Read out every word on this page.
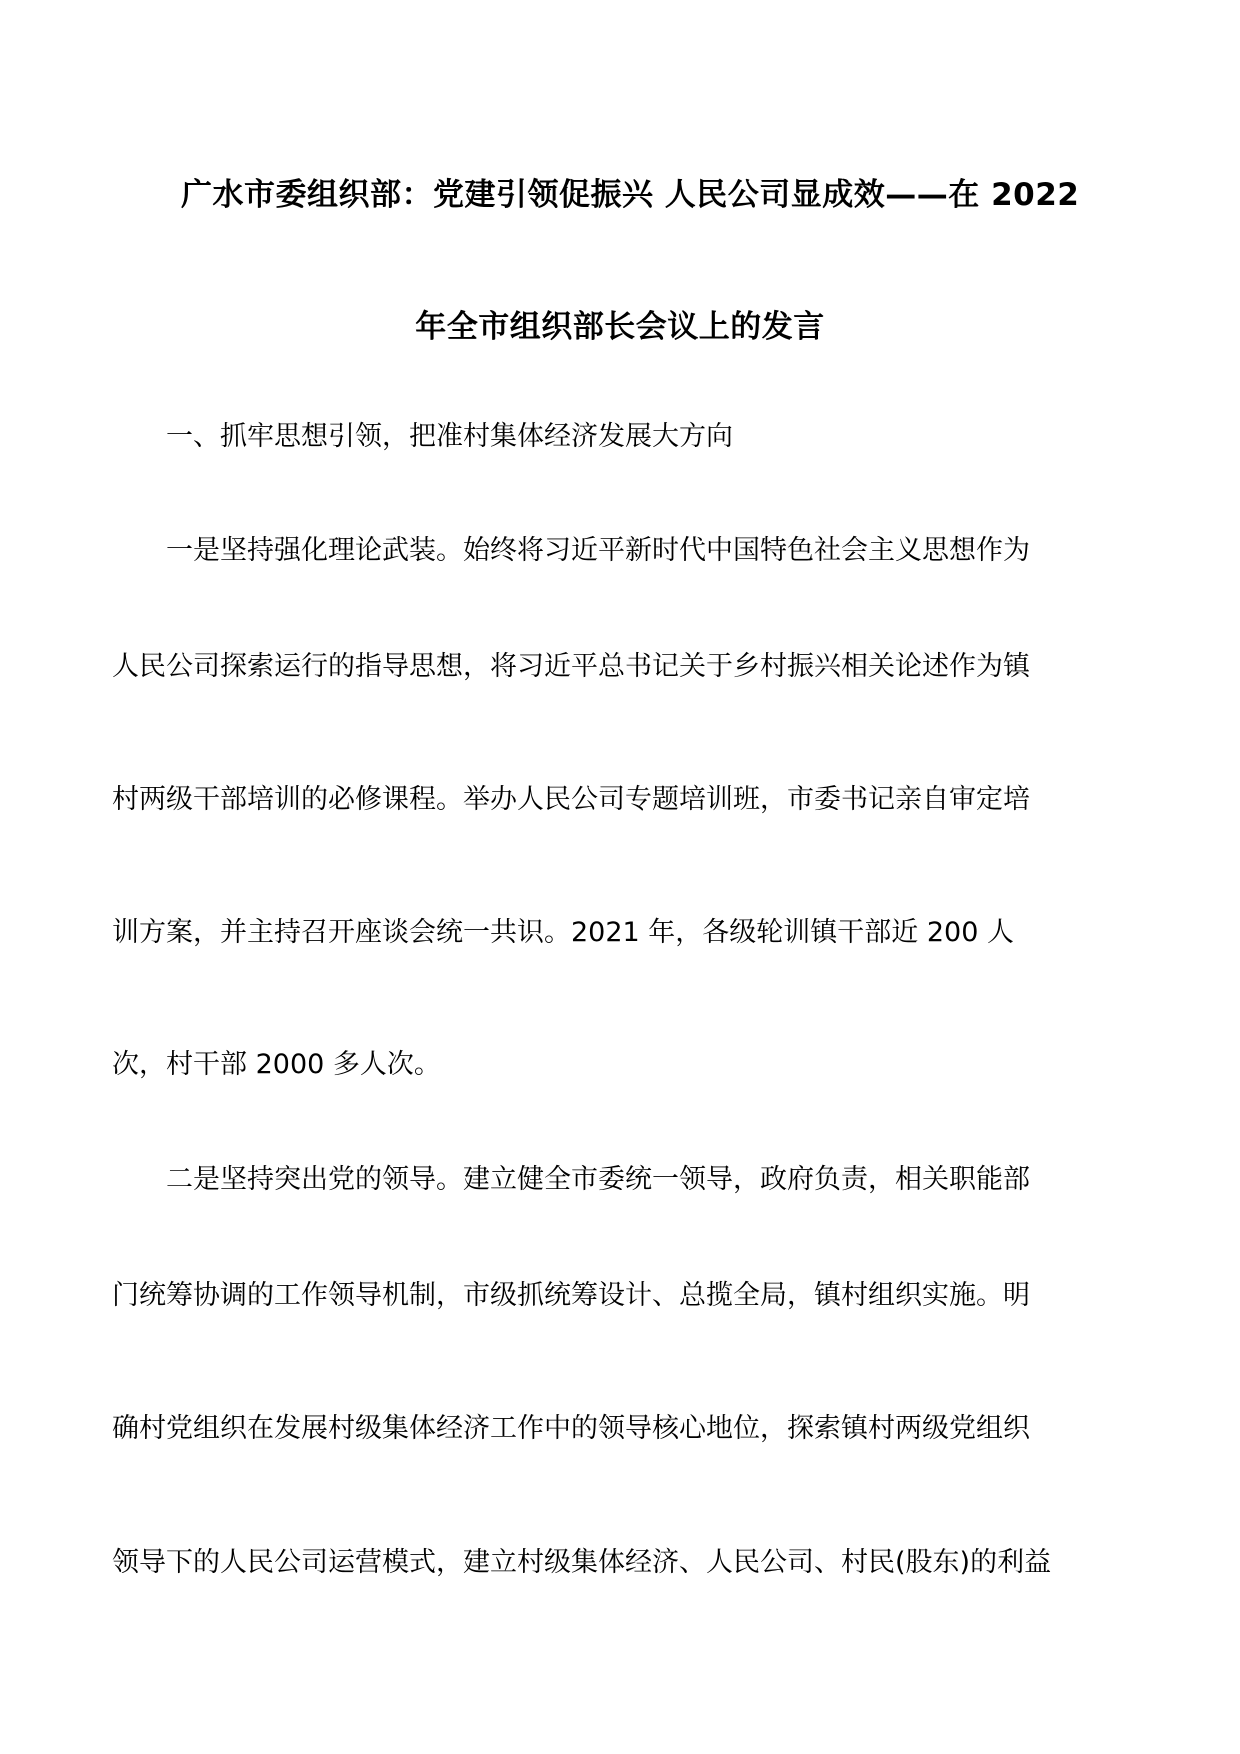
广水市委组织部：党建引领促振兴 人民公司显成效——在 2022
年全市组织部长会议上的发言
一、抓牢思想引领，把准村集体经济发展大方向
一是坚持强化理论武装。始终将习近平新时代中国特色社会主义思想作为
人民公司探索运行的指导思想，将习近平总书记关于乡村振兴相关论述作为镇
村两级干部培训的必修课程。举办人民公司专题培训班，市委书记亲自审定培
训方案，并主持召开座谈会统一共识。2021 年，各级轮训镇干部近 200 人
次，村干部 2000 多人次。
二是坚持突出党的领导。建立健全市委统一领导，政府负责，相关职能部
门统筹协调的工作领导机制，市级抓统筹设计、总揽全局，镇村组织实施。明
确村党组织在发展村级集体经济工作中的领导核心地位，探索镇村两级党组织
领导下的人民公司运营模式，建立村级集体经济、人民公司、村民(股东)的利益
